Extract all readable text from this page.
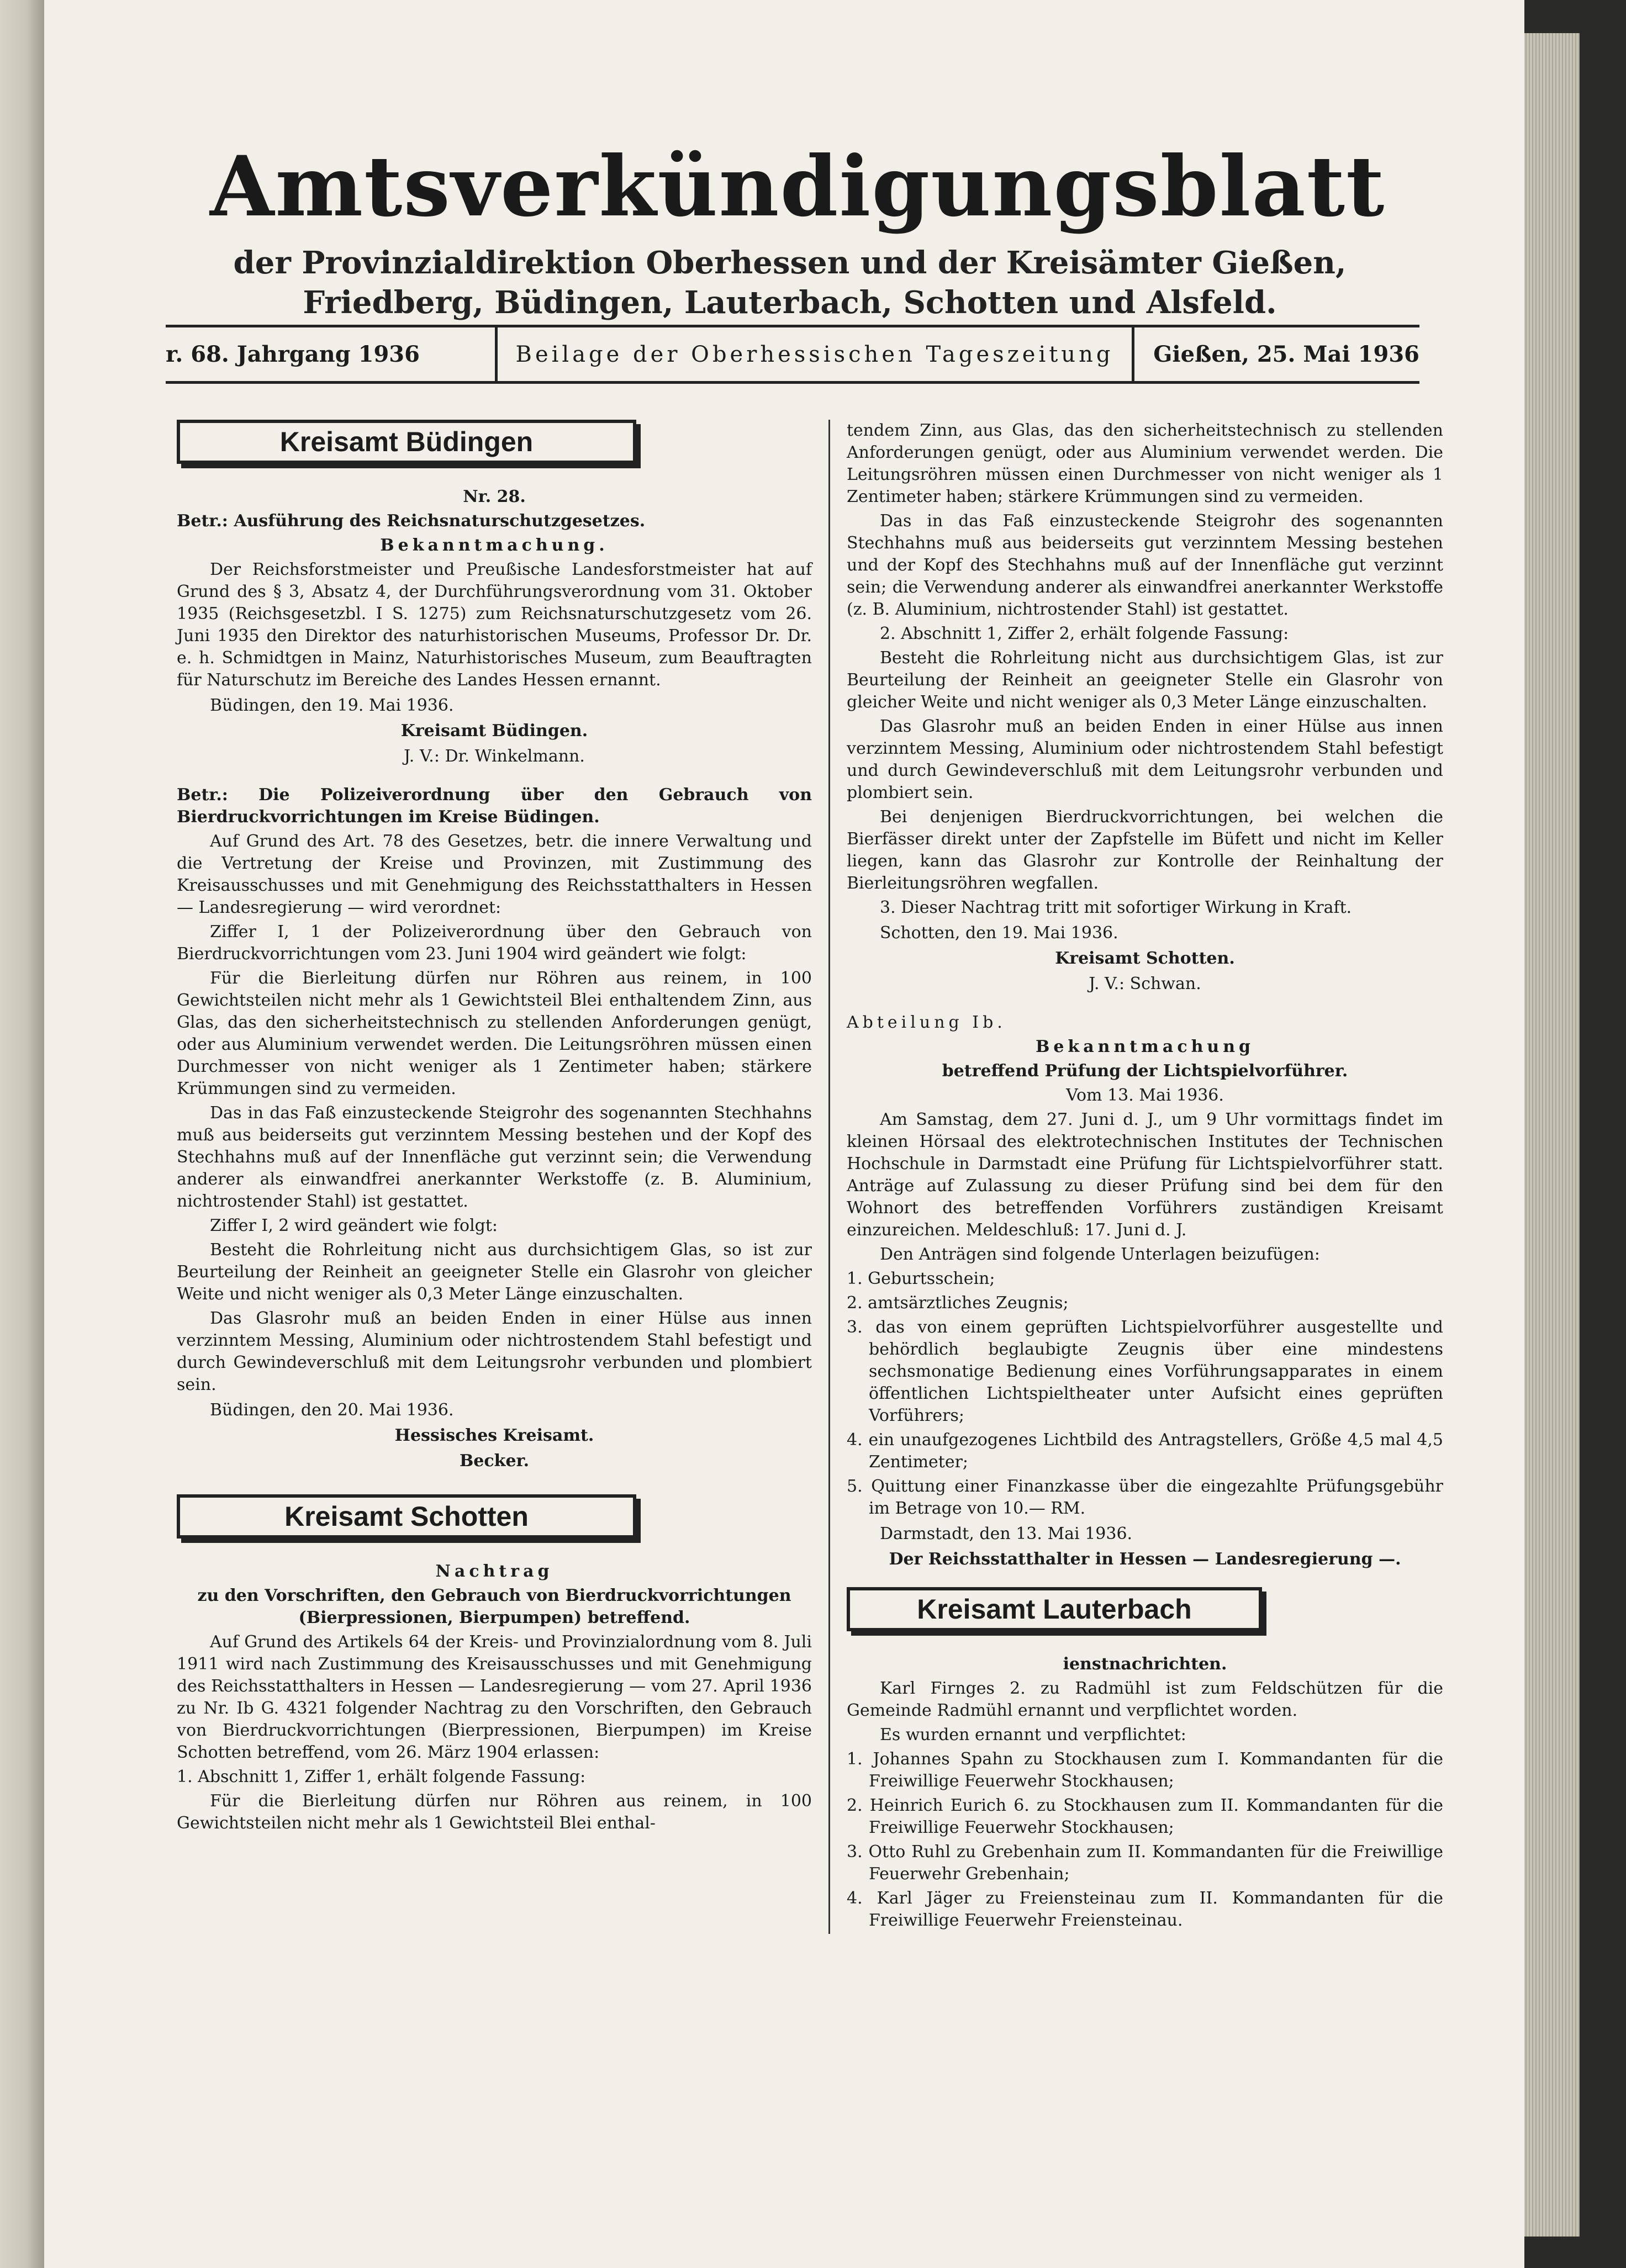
Amtsverkündigungsblatt
der Provinzialdirektion Oberhessen und der Kreisämter Gießen, Friedberg, Büdingen, Lauterbach, Schotten und Alsfeld.
r. 68. Jahrgang 1936	Beilage der Oberhessischen Tageszeitung	Gießen, 25. Mai 1936
Kreisamt Büdingen

Nr. 28.

Betr.: Ausführung des Reichsnaturschutzgesetzes.

Bekanntmachung.

Der Reichsforstmeister und Preußische Landesforstmeister hat auf Grund des § 3, Absatz 4, der Durchführungsverordnung vom 31. Oktober 1935 (Reichsgesetzbl. I S. 1275) zum Reichsnaturschutzgesetz vom 26. Juni 1935 den Direktor des naturhistorischen Museums, Professor Dr. Dr. e. h. Schmidtgen in Mainz, Naturhistorisches Museum, zum Beauftragten für Naturschutz im Bereiche des Landes Hessen ernannt.

Büdingen, den 19. Mai 1936.

Kreisamt Büdingen.

J. V.: Dr. Winkelmann.

Betr.: Die Polizeiverordnung über den Gebrauch von Bierdruckvorrichtungen im Kreise Büdingen.

Auf Grund des Art. 78 des Gesetzes, betr. die innere Verwaltung und die Vertretung der Kreise und Provinzen, mit Zustimmung des Kreisausschusses und mit Genehmigung des Reichsstatthalters in Hessen — Landesregierung — wird verordnet:

Ziffer I, 1 der Polizeiverordnung über den Gebrauch von Bierdruckvorrichtungen vom 23. Juni 1904 wird geändert wie folgt:

Für die Bierleitung dürfen nur Röhren aus reinem, in 100 Gewichtsteilen nicht mehr als 1 Gewichtsteil Blei enthaltendem Zinn, aus Glas, das den sicherheitstechnisch zu stellenden Anforderungen genügt, oder aus Aluminium verwendet werden. Die Leitungsröhren müssen einen Durchmesser von nicht weniger als 1 Zentimeter haben; stärkere Krümmungen sind zu vermeiden.

Das in das Faß einzusteckende Steigrohr des sogenannten Stechhahns muß aus beiderseits gut verzinntem Messing bestehen und der Kopf des Stechhahns muß auf der Innenfläche gut verzinnt sein; die Verwendung anderer als einwandfrei anerkannter Werkstoffe (z. B. Aluminium, nichtrostender Stahl) ist gestattet.

Ziffer I, 2 wird geändert wie folgt:

Besteht die Rohrleitung nicht aus durchsichtigem Glas, so ist zur Beurteilung der Reinheit an geeigneter Stelle ein Glasrohr von gleicher Weite und nicht weniger als 0,3 Meter Länge einzuschalten.

Das Glasrohr muß an beiden Enden in einer Hülse aus innen verzinntem Messing, Aluminium oder nichtrostendem Stahl befestigt und durch Gewindeverschluß mit dem Leitungsrohr verbunden und plombiert sein.

Büdingen, den 20. Mai 1936.

Hessisches Kreisamt.

Becker.

Kreisamt Schotten

Nachtrag

zu den Vorschriften, den Gebrauch von Bierdruckvorrichtungen (Bierpressionen, Bierpumpen) betreffend.

Auf Grund des Artikels 64 der Kreis- und Provinzialordnung vom 8. Juli 1911 wird nach Zustimmung des Kreisausschusses und mit Genehmigung des Reichsstatthalters in Hessen — Landesregierung — vom 27. April 1936 zu Nr. Ib G. 4321 folgender Nachtrag zu den Vorschriften, den Gebrauch von Bierdruckvorrichtungen (Bierpressionen, Bierpumpen) im Kreise Schotten betreffend, vom 26. März 1904 erlassen:

1. Abschnitt 1, Ziffer 1, erhält folgende Fassung:

Für die Bierleitung dürfen nur Röhren aus reinem, in 100 Gewichtsteilen nicht mehr als 1 Gewichtsteil Blei enthal-

tendem Zinn, aus Glas, das den sicherheitstechnisch zu stellenden Anforderungen genügt, oder aus Aluminium verwendet werden. Die Leitungsröhren müssen einen Durchmesser von nicht weniger als 1 Zentimeter haben; stärkere Krümmungen sind zu vermeiden.

Das in das Faß einzusteckende Steigrohr des sogenannten Stechhahns muß aus beiderseits gut verzinntem Messing bestehen und der Kopf des Stechhahns muß auf der Innenfläche gut verzinnt sein; die Verwendung anderer als einwandfrei anerkannter Werkstoffe (z. B. Aluminium, nichtrostender Stahl) ist gestattet.

2. Abschnitt 1, Ziffer 2, erhält folgende Fassung:

Besteht die Rohrleitung nicht aus durchsichtigem Glas, ist zur Beurteilung der Reinheit an geeigneter Stelle ein Glasrohr von gleicher Weite und nicht weniger als 0,3 Meter Länge einzuschalten.

Das Glasrohr muß an beiden Enden in einer Hülse aus innen verzinntem Messing, Aluminium oder nichtrostendem Stahl befestigt und durch Gewindeverschluß mit dem Leitungsrohr verbunden und plombiert sein.

Bei denjenigen Bierdruckvorrichtungen, bei welchen die Bierfässer direkt unter der Zapfstelle im Büfett und nicht im Keller liegen, kann das Glasrohr zur Kontrolle der Reinhaltung der Bierleitungsröhren wegfallen.

3. Dieser Nachtrag tritt mit sofortiger Wirkung in Kraft.

Schotten, den 19. Mai 1936.

Kreisamt Schotten.

J. V.: Schwan.

Abteilung Ib.

Bekanntmachung

betreffend Prüfung der Lichtspielvorführer.

Vom 13. Mai 1936.

Am Samstag, dem 27. Juni d. J., um 9 Uhr vormittags findet im kleinen Hörsaal des elektrotechnischen Institutes der Technischen Hochschule in Darmstadt eine Prüfung für Lichtspielvorführer statt. Anträge auf Zulassung zu dieser Prüfung sind bei dem für den Wohnort des betreffenden Vorführers zuständigen Kreisamt einzureichen. Meldeschluß: 17. Juni d. J.

Den Anträgen sind folgende Unterlagen beizufügen:

1. Geburtsschein;

2. amtsärztliches Zeugnis;

3. das von einem geprüften Lichtspielvorführer ausgestellte und behördlich beglaubigte Zeugnis über eine mindestens sechsmonatige Bedienung eines Vorführungsapparates in einem öffentlichen Lichtspieltheater unter Aufsicht eines geprüften Vorführers;

4. ein unaufgezogenes Lichtbild des Antragstellers, Größe 4,5 mal 4,5 Zentimeter;

5. Quittung einer Finanzkasse über die eingezahlte Prüfungsgebühr im Betrage von 10.— RM.

Darmstadt, den 13. Mai 1936.

Der Reichsstatthalter in Hessen — Landesregierung —.

Kreisamt Lauterbach

ienstnachrichten.

Karl Firnges 2. zu Radmühl ist zum Feldschützen für die Gemeinde Radmühl ernannt und verpflichtet worden.

Es wurden ernannt und verpflichtet:

1. Johannes Spahn zu Stockhausen zum I. Kommandanten für die Freiwillige Feuerwehr Stockhausen;

2. Heinrich Eurich 6. zu Stockhausen zum II. Kommandanten für die Freiwillige Feuerwehr Stockhausen;

3. Otto Ruhl zu Grebenhain zum II. Kommandanten für die Freiwillige Feuerwehr Grebenhain;

4. Karl Jäger zu Freiensteinau zum II. Kommandanten für die Freiwillige Feuerwehr Freiensteinau.
